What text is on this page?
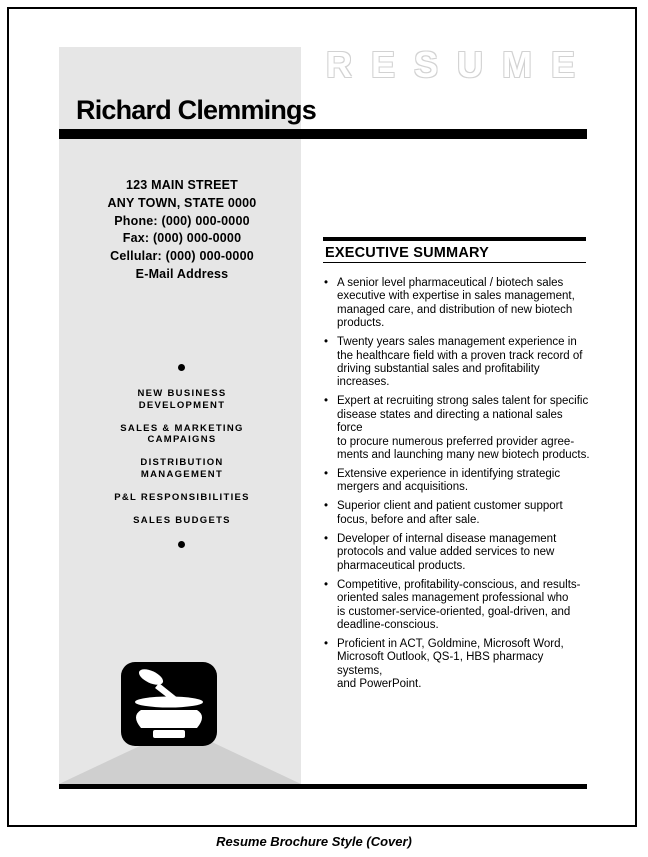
RESUME
Richard Clemmings
123 MAIN STREET
ANY TOWN, STATE 0000
Phone: (000) 000-0000
Fax: (000) 000-0000
Cellular: (000) 000-0000
E-Mail Address
NEW BUSINESS
DEVELOPMENT
SALES & MARKETING
CAMPAIGNS
DISTRIBUTION
MANAGEMENT
P&L RESPONSIBILITIES
SALES BUDGETS
EXECUTIVE SUMMARY
• A senior level pharmaceutical / biotech sales
executive with expertise in sales management,
managed care, and distribution of new biotech
products.
• Twenty years sales management experience in
the healthcare field with a proven track record of
driving substantial sales and profitability increases.
• Expert at recruiting strong sales talent for specific
disease states and directing a national sales force
to procure numerous preferred provider agree-
ments and launching many new biotech products.
• Extensive experience in identifying strategic
mergers and acquisitions.
• Superior client and patient customer support
focus, before and after sale.
• Developer of internal disease management
protocols and value added services to new
pharmaceutical products.
• Competitive, profitability-conscious, and results-
oriented sales management professional who
is customer-service-oriented, goal-driven, and
deadline-conscious.
• Proficient in ACT, Goldmine, Microsoft Word,
Microsoft Outlook, QS-1, HBS pharmacy systems,
and PowerPoint.

Resume Brochure Style (Cover)
